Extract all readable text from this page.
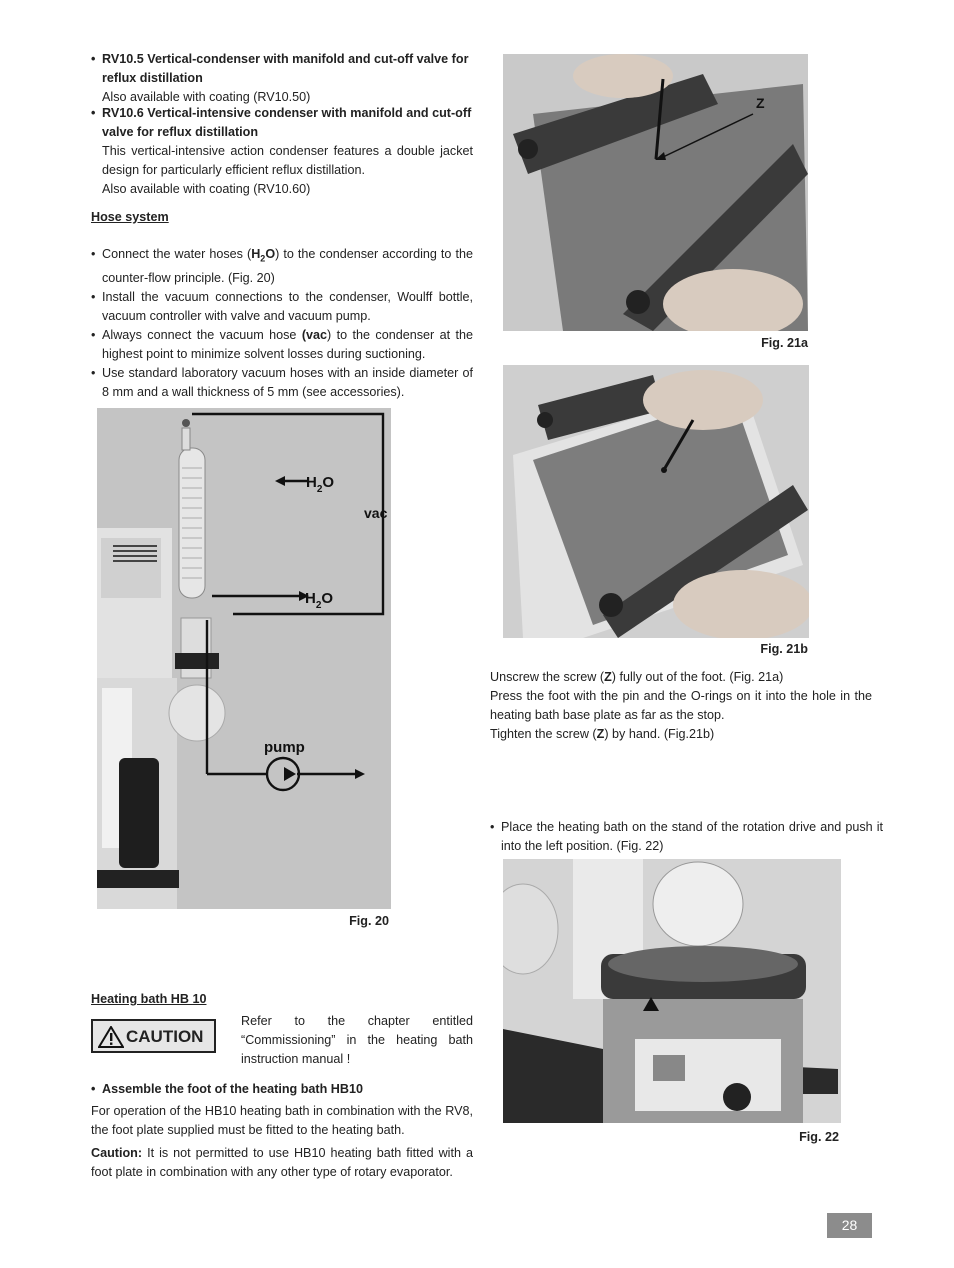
• RV10.5 Vertical-condenser with manifold and cut-off valve for reflux distillation
Also available with coating (RV10.50)
• RV10.6 Vertical-intensive condenser with manifold and cut-off valve for reflux distillation
This vertical-intensive action condenser features a double jacket design for particularly efficient reflux distillation.
Also available with coating (RV10.60)
Hose system
• Connect the water hoses $(H_2O)$ to the condenser according to the counter-flow principle. (Fig. 20)
• Install the vacuum connections to the condenser, Woulff bottle, vacuum controller with valve and vacuum pump.
• Always connect the vacuum hose (vac) to the condenser at the highest point to minimize solvent losses during suctioning.
• Use standard laboratory vacuum hoses with an inside diameter of 8 mm and a wall thickness of 5 mm (see accessories).
$H_2O$
$H_2O$
vac
pump
Fig. 20
Heating bath HB 10
CAUTION
Refer to the chapter entitled “Commissioning” in the heating bath instruction manual !
• Assemble the foot of the heating bath HB10
For operation of the HB10 heating bath in combination with the RV8, the foot plate supplied must be fitted to the heating bath.
Caution: It is not permitted to use HB10 heating bath fitted with a foot plate in combination with any other type of rotary evaporator.
Z
Fig. 21a
Fig. 21b
Unscrew the screw (Z) fully out of the foot. (Fig. 21a)
Press the foot with the pin and the O-rings on it into the hole in the heating bath base plate as far as the stop.
Tighten the screw (Z) by hand. (Fig.21b)
• Place the heating bath on the stand of the rotation drive and push it into the left position. (Fig. 22)
Fig. 22
28
